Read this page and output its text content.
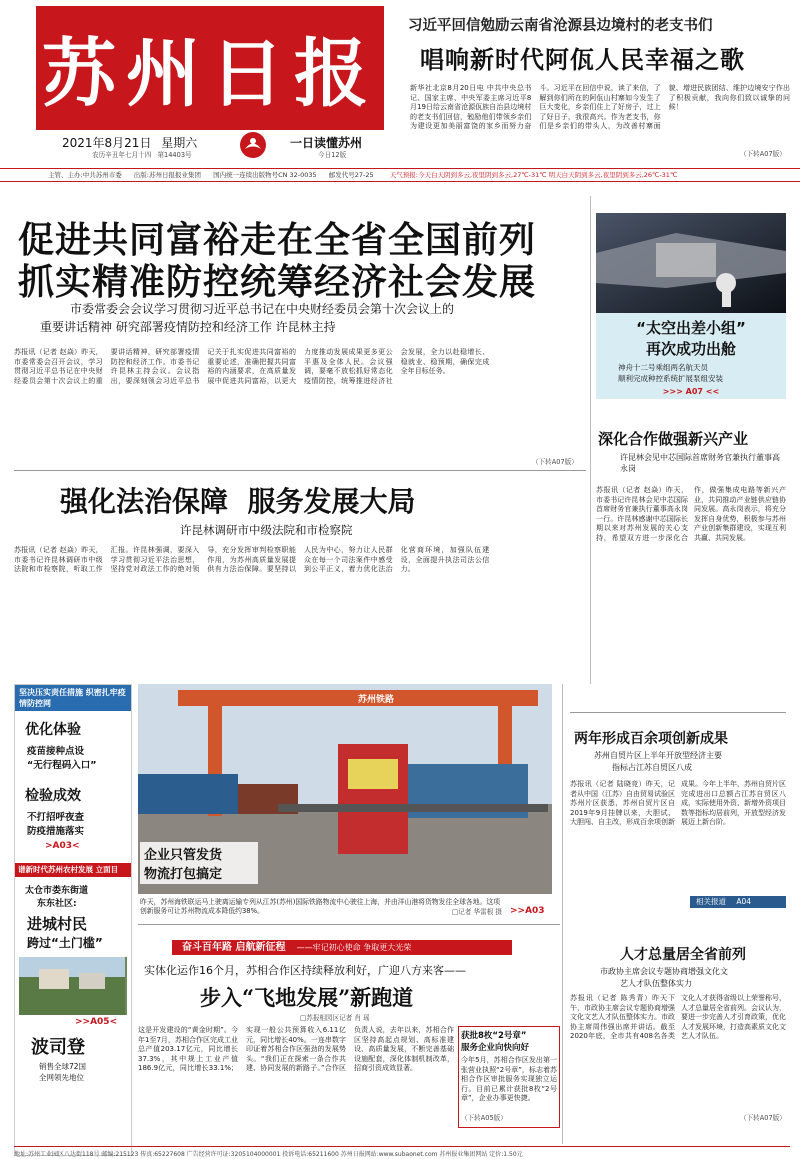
苏州日报
习近平回信勉励云南省沧源县边境村的老支书们
唱响新时代阿佤人民幸福之歌
新华社北京8月20日电 中共中央总书记、国家主席、中央军委主席习近平8月19日给云南省沧源佤族自治县边境村的老支书们回信，勉励他们带领乡亲们为建设更加美丽富饶的家乡而努力奋斗。习近平在回信中说，读了来信，了解到你们所在的阿佤山村寨如今发生了巨大变化，乡亲们住上了好房子，过上了好日子，我很高兴。作为老支书，你们是乡亲们的带头人，为改善村寨面貌、增进民族团结、维护边境安宁作出了积极贡献，我向你们致以诚挚的问候！
（下转A07版）
2021年8月21日 星期六
农历辛丑年七月十四 第14403号
一日读懂苏州
今日12版
主管、主办:中共苏州市委 出版:苏州日报报业集团 国内统一连续出版物号CN 32-0035 邮发代号27-25 天气预报:今天白天阴到多云,夜里阴到多云,27℃-31℃ 明天白天阴到多云,夜里阴到多云,26℃-31℃
促进共同富裕走在全省全国前列
抓实精准防控统筹经济社会发展
市委常委会会议学习贯彻习近平总书记在中央财经委员会第十次会议上的
重要讲话精神 研究部署疫情防控和经济工作 许昆林主持
苏报讯（记者 赵焱）昨天，市委常委会召开会议，学习贯彻习近平总书记在中央财经委员会第十次会议上的重要讲话精神，研究部署疫情防控和经济工作。市委书记许昆林主持会议。会议指出，要深刻领会习近平总书记关于扎实促进共同富裕的重要论述，准确把握共同富裕的内涵要求，在高质量发展中促进共同富裕，以更大力度推动发展成果更多更公平惠及全体人民。会议强调，要毫不放松抓好常态化疫情防控，统筹推进经济社会发展，全力以赴稳增长、稳就业、稳预期，确保完成全年目标任务。
（下转A07版）
“太空出差小组”
再次成功出舱
神舟十二号乘组两名航天员
顺利完成种控系统扩展泵组安装
>>> A07 <<
深化合作做强新兴产业
许昆林会见中芯国际首席财务官兼执行董事高永岗
苏报讯（记者 赵焱）昨天，市委书记许昆林会见中芯国际首席财务官兼执行董事高永岗一行。许昆林感谢中芯国际长期以来对苏州发展的关心支持，希望双方进一步深化合作，做强集成电路等新兴产业，共同推动产业链供应链协同发展。高永岗表示，将充分发挥自身优势，积极参与苏州产业创新集群建设，实现互利共赢、共同发展。
强化法治保障  服务发展大局
许昆林调研市中级法院和市检察院
苏报讯（记者 赵焱）昨天，市委书记许昆林调研市中级法院和市检察院，听取工作汇报。许昆林强调，要深入学习贯彻习近平法治思想，坚持党对政法工作的绝对领导，充分发挥审判检察职能作用，为苏州高质量发展提供有力法治保障。要坚持以人民为中心，努力让人民群众在每一个司法案件中感受到公平正义，着力优化法治化营商环境，加强队伍建设，全面提升执法司法公信力。
坚决压实责任措施 织密扎牢疫情防控网
优化体验
疫苗接种点设
“无行程码入口”
检验成效
不打招呼夜查
防疫措施落实
>A03<
谱新时代苏州农村发展 立面目
太仓市娄东街道
东东社区:
进城村民
跨过“土门槛”
>>A05<
波司登
销售全球72国
全网领先地位
苏州铁路
企业只管发货
物流打包搞定
昨天，苏州海铁联运马上驶离运输专列从江苏(苏州)国际铁路物流中心驶往上海，并由洋山港将货物发往全球各地。这项创新服务可让苏州物流成本降低约38%。	□记者 华雷根 摄 >>A03
两年形成百余项创新成果
苏州自贸片区上半年开放型经济主要
指标占江苏自贸区八成
苏报讯（记者 陆晓竞）昨天，记者从中国（江苏）自由贸易试验区苏州片区获悉，苏州自贸片区自2019年9月挂牌以来，大胆试、大胆闯、自主改，形成百余项创新成果。今年上半年，苏州自贸片区完成进出口总额占江苏自贸区八成，实际使用外资、新增外资项目数等指标均居前列，开放型经济发展迈上新台阶。
相关报道 A04
奋斗百年路 启航新征程 ——牢记初心使命 争取更大光荣
实体化运作16个月，苏相合作区持续释放利好，广迎八方来客——
步入“飞地发展”新跑道
□苏报相园区记者 肖 瑶
这是开发建设的“黄金时期”。今年1至7月，苏相合作区完成工业总产值203.17亿元，同比增长37.3%，其中规上工业产值186.9亿元，同比增长33.1%；实现一般公共预算收入6.11亿元，同比增长40%。一连串数字印证着苏相合作区强劲的发展势头。“我们正在探索一条合作共建、协同发展的新路子。”合作区负责人说，去年以来，苏相合作区坚持高起点规划、高标准建设、高质量发展，不断完善基础设施配套，深化体制机制改革，招商引资成效显著。
获批8枚“2号章”
服务企业向快向好
今年5月，苏相合作区发出第一张营业执照“2号章”，标志着苏相合作区审批服务实现独立运行。目前已累计获批8枚“2号章”，企业办事更快捷。
（下转A05版）
人才总量居全省前列
市政协主席会议专题协商增强文化文
艺人才队伍整体实力
苏报讯（记者 陈秀青）昨天下午，市政协主席会议专题协商增强文化文艺人才队伍整体实力。市政协主席周伟强出席并讲话。截至2020年底，全市共有408名各类文化人才获得省级以上荣誉称号，人才总量居全省前列。会议认为，要进一步完善人才引育政策，优化人才发展环境，打造高素质文化文艺人才队伍。
（下转A07版）
地址:苏州工业园区八达街118号 邮编:215123 传真:65227608 广告经营许可证:3205104000001 投诉电话:65211600 苏州日报网站:www.subaonet.com 苏州报业集团网站 定价:1.50元
